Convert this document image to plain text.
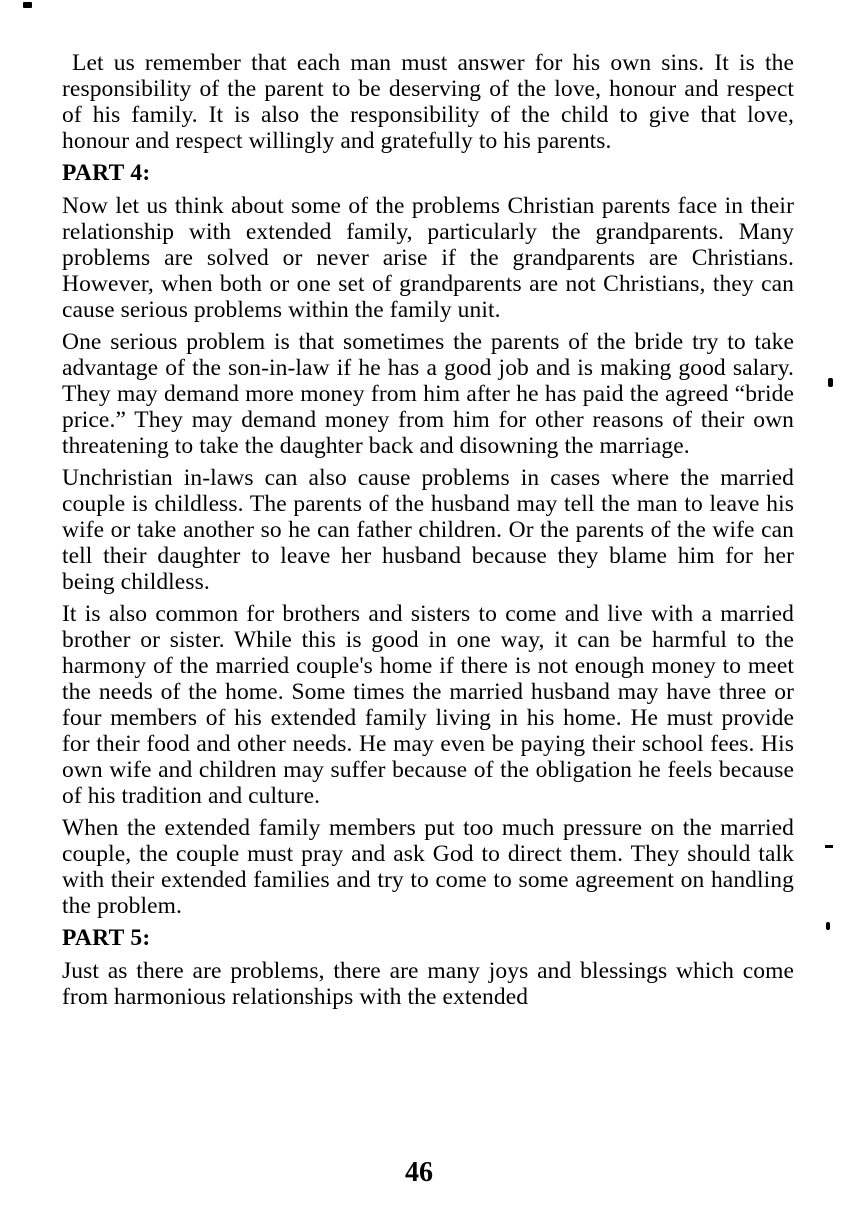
Let us remember that each man must answer for his own sins. It is the responsibility of the parent to be deserving of the love, honour and respect of his family. It is also the responsibility of the child to give that love, honour and respect willingly and gratefully to his parents.

PART 4:

Now let us think about some of the problems Christian parents face in their relationship with extended family, particularly the grandparents. Many problems are solved or never arise if the grandparents are Christians. However, when both or one set of grandparents are not Christians, they can cause serious problems within the family unit.

One serious problem is that sometimes the parents of the bride try to take advantage of the son-in-law if he has a good job and is making good salary. They may demand more money from him after he has paid the agreed “bride price.” They may demand money from him for other reasons of their own threatening to take the daughter back and disowning the marriage.

Unchristian in-laws can also cause problems in cases where the married couple is childless. The parents of the husband may tell the man to leave his wife or take another so he can father children. Or the parents of the wife can tell their daughter to leave her husband because they blame him for her being childless.

It is also common for brothers and sisters to come and live with a married brother or sister. While this is good in one way, it can be harmful to the harmony of the married couple's home if there is not enough money to meet the needs of the home. Some times the married husband may have three or four members of his extended family living in his home. He must provide for their food and other needs. He may even be paying their school fees. His own wife and children may suffer because of the obligation he feels because of his tradition and culture.

When the extended family members put too much pressure on the married couple, the couple must pray and ask God to direct them. They should talk with their extended families and try to come to some agreement on handling the problem.

PART 5:

Just as there are problems, there are many joys and blessings which come from harmonious relationships with the extended

46
